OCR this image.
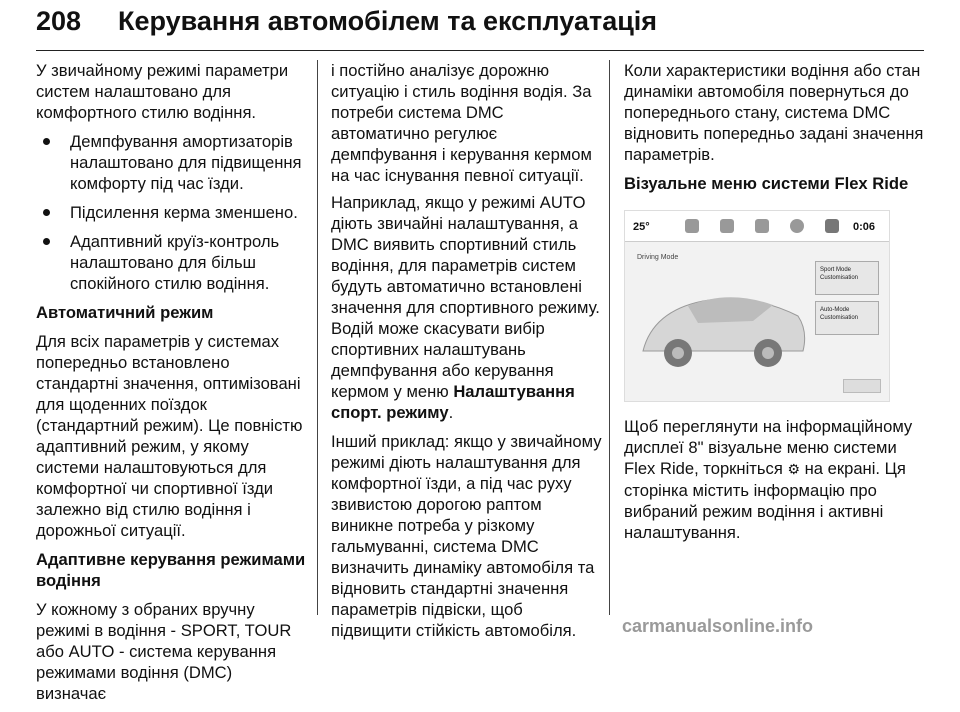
208 Керування автомобілем та експлуатація

У звичайному режимі параметри систем налаштовано для комфортного стилю водіння.

Демпфування амортизаторів налаштовано для підвищення комфорту під час їзди.
Підсилення керма зменшено.
Адаптивний круїз-контроль налаштовано для більш спокійного стилю водіння.

Автоматичний режим

Для всіх параметрів у системах попередньо встановлено стандартні значення, оптимізовані для щоденних поїздок (стандартний режим). Це повністю адаптивний режим, у якому системи налаштовуються для комфортної чи спортивної їзди залежно від стилю водіння і дорожньої ситуації.

Адаптивне керування режимами водіння

У кожному з обраних вручну режимі в водіння - SPORT, TOUR або AUTO - система керування режимами водіння (DMC) визначає

і постійно аналізує дорожню ситуацію і стиль водіння водія. За потреби система DMC автоматично регулює демпфування і керування кермом на час існування певної ситуації.

Наприклад, якщо у режимі AUTO діють звичайні налаштування, а DMC виявить спортивний стиль водіння, для параметрів систем будуть автоматично встановлені значення для спортивного режиму. Водій може скасувати вибір спортивних налаштувань демпфування або керування кермом у меню Налаштування спорт. режиму.

Інший приклад: якщо у звичайному режимі діють налаштування для комфортної їзди, а під час руху звивистою дорогою раптом виникне потреба у різкому гальмуванні, система DMC визначить динаміку автомобіля та відновить стандартні значення параметрів підвіски, щоб підвищити стійкість автомобіля.

Коли характеристики водіння або стан динаміки автомобіля повернуться до попереднього стану, система DMC відновить попередньо задані значення параметрів.

Візуальне меню системи Flex Ride

25°	0:06
Driving Mode
Sport Mode Customisation
Auto-Mode Customisation

Щоб переглянути на інформаційному дисплеї 8" візуальне меню системи Flex Ride, торкніться ⚙ на екрані. Ця сторінка містить інформацію про вибраний режим водіння і активні налаштування.

carmanualsonline.info
